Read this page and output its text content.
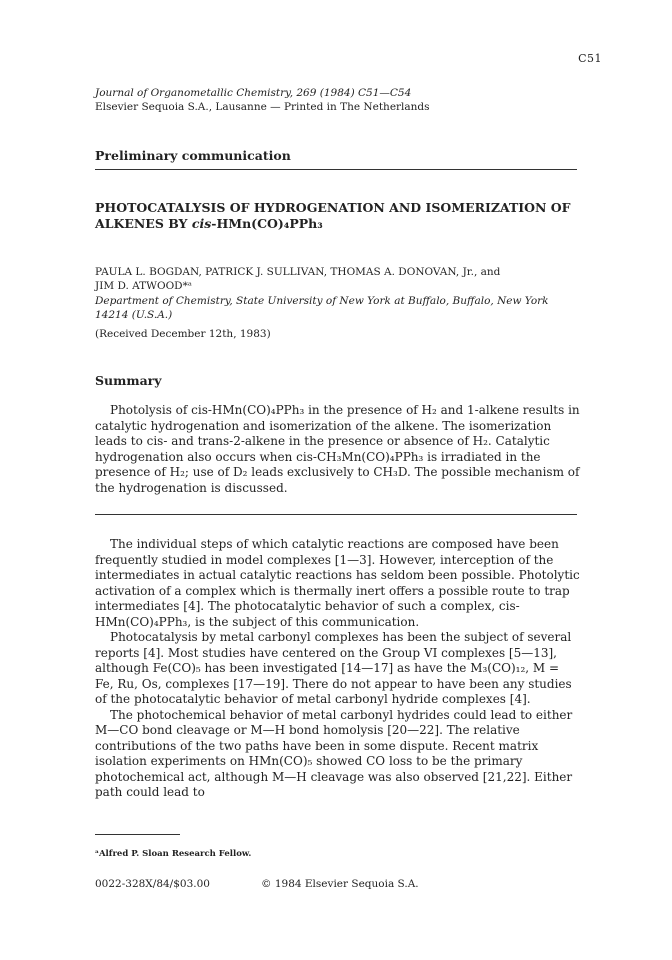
C51
Journal of Organometallic Chemistry, 269 (1984) C51—C54
Elsevier Sequoia S.A., Lausanne — Printed in The Netherlands
Preliminary communication
PHOTOCATALYSIS OF HYDROGENATION AND ISOMERIZATION OF
ALKENES BY cis-HMn(CO)₄PPh₃
PAULA L. BOGDAN, PATRICK J. SULLIVAN, THOMAS A. DONOVAN, Jr., and
JIM D. ATWOOD*ᵃ
Department of Chemistry, State University of New York at Buffalo, Buffalo, New York 14214 (U.S.A.)
(Received December 12th, 1983)
Summary

Photolysis of cis-HMn(CO)₄PPh₃ in the presence of H₂ and 1-alkene results in catalytic hydrogenation and isomerization of the alkene. The isomerization leads to cis- and trans-2-alkene in the presence or absence of H₂. Catalytic hydrogenation also occurs when cis-CH₃Mn(CO)₄PPh₃ is irradiated in the presence of H₂; use of D₂ leads exclusively to CH₃D. The possible mechanism of the hydrogenation is discussed.

The individual steps of which catalytic reactions are composed have been frequently studied in model complexes [1—3]. However, interception of the intermediates in actual catalytic reactions has seldom been possible. Photolytic activation of a complex which is thermally inert offers a possible route to trap intermediates [4]. The photocatalytic behavior of such a complex, cis-HMn(CO)₄PPh₃, is the subject of this communication.

Photocatalysis by metal carbonyl complexes has been the subject of several reports [4]. Most studies have centered on the Group VI complexes [5—13], although Fe(CO)₅ has been investigated [14—17] as have the M₃(CO)₁₂, M = Fe, Ru, Os, complexes [17—19]. There do not appear to have been any studies of the photocatalytic behavior of metal carbonyl hydride complexes [4].

The photochemical behavior of metal carbonyl hydrides could lead to either M—CO bond cleavage or M—H bond homolysis [20—22]. The relative contributions of the two paths have been in some dispute. Recent matrix isolation experiments on HMn(CO)₅ showed CO loss to be the primary photochemical act, although M—H cleavage was also observed [21,22]. Either path could lead to

ᵃAlfred P. Sloan Research Fellow.
0022-328X/84/$03.00	© 1984 Elsevier Sequoia S.A.
